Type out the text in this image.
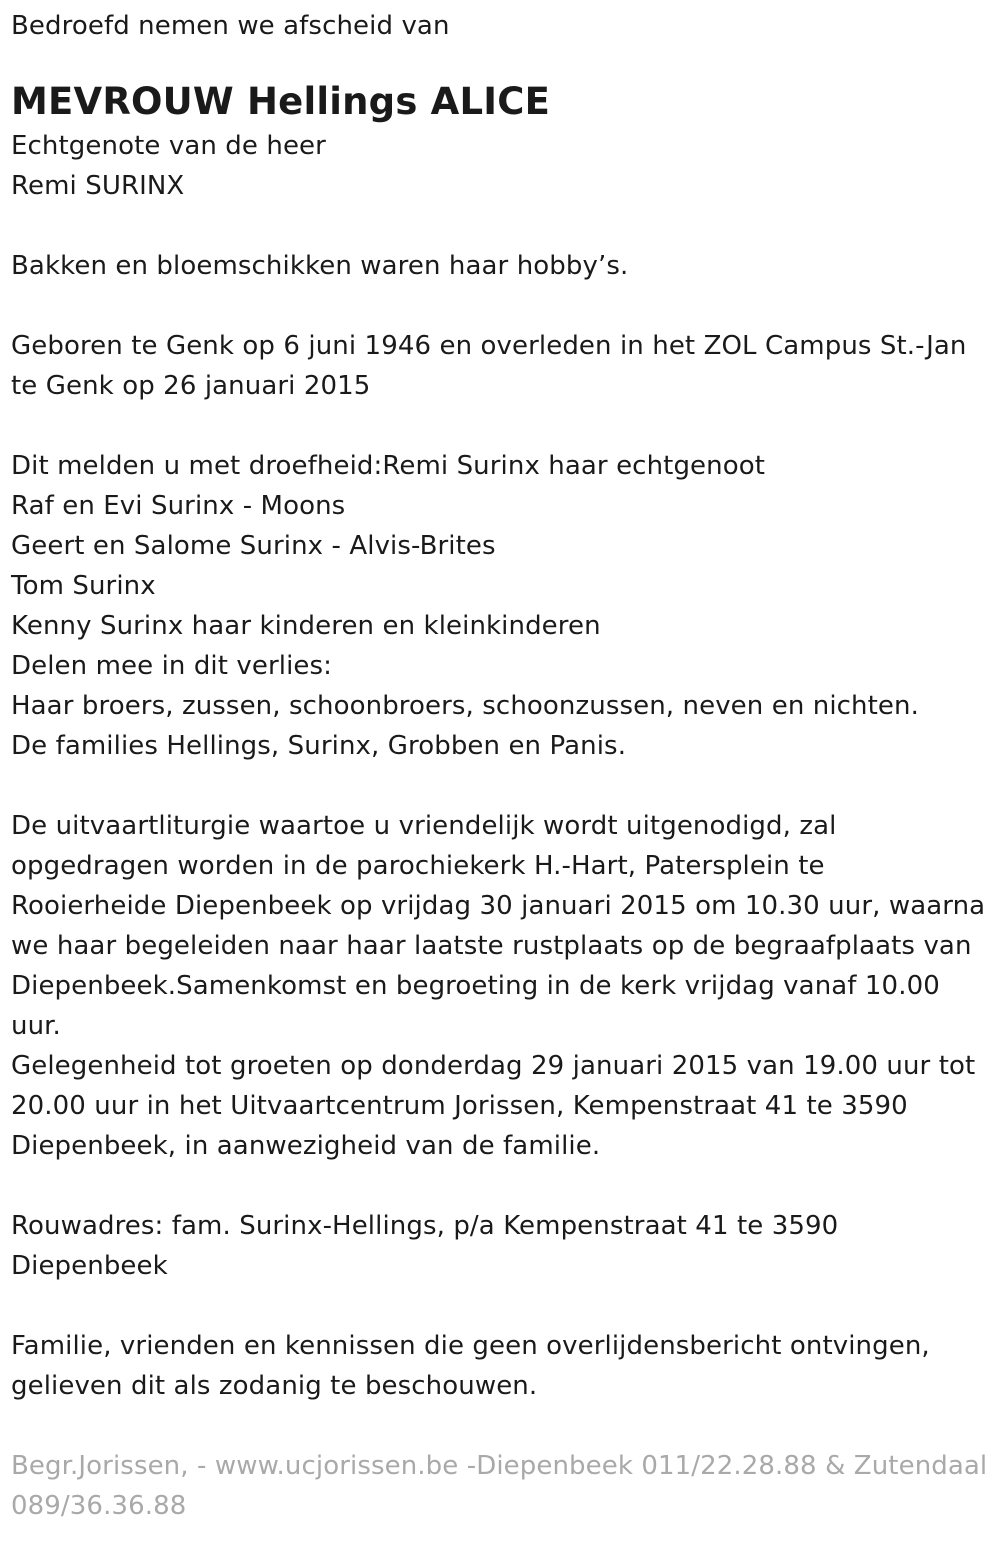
Bedroefd nemen we afscheid van
MEVROUW Hellings ALICE
Echtgenote van de heer
Remi SURINX
Bakken en bloemschikken waren haar hobby’s.
Geboren te Genk op 6 juni 1946 en overleden in het ZOL Campus St.-Jan
te Genk op 26 januari 2015
Dit melden u met droefheid:Remi Surinx haar echtgenoot
Raf en Evi Surinx - Moons
Geert en Salome Surinx - Alvis-Brites
Tom Surinx
Kenny Surinx haar kinderen en kleinkinderen
Delen mee in dit verlies:
Haar broers, zussen, schoonbroers, schoonzussen, neven en nichten.
De families Hellings, Surinx, Grobben en Panis.
De uitvaartliturgie waartoe u vriendelijk wordt uitgenodigd, zal
opgedragen worden in de parochiekerk H.-Hart, Patersplein te
Rooierheide Diepenbeek op vrijdag 30 januari 2015 om 10.30 uur, waarna
we haar begeleiden naar haar laatste rustplaats op de begraafplaats van
Diepenbeek.Samenkomst en begroeting in de kerk vrijdag vanaf 10.00
uur.
Gelegenheid tot groeten op donderdag 29 januari 2015 van 19.00 uur tot
20.00 uur in het Uitvaartcentrum Jorissen, Kempenstraat 41 te 3590
Diepenbeek, in aanwezigheid van de familie.
Rouwadres: fam. Surinx-Hellings, p/a Kempenstraat 41 te 3590
Diepenbeek
Familie, vrienden en kennissen die geen overlijdensbericht ontvingen,
gelieven dit als zodanig te beschouwen.
Begr.Jorissen, - www.ucjorissen.be -Diepenbeek 011/22.28.88 & Zutendaal
089/36.36.88
